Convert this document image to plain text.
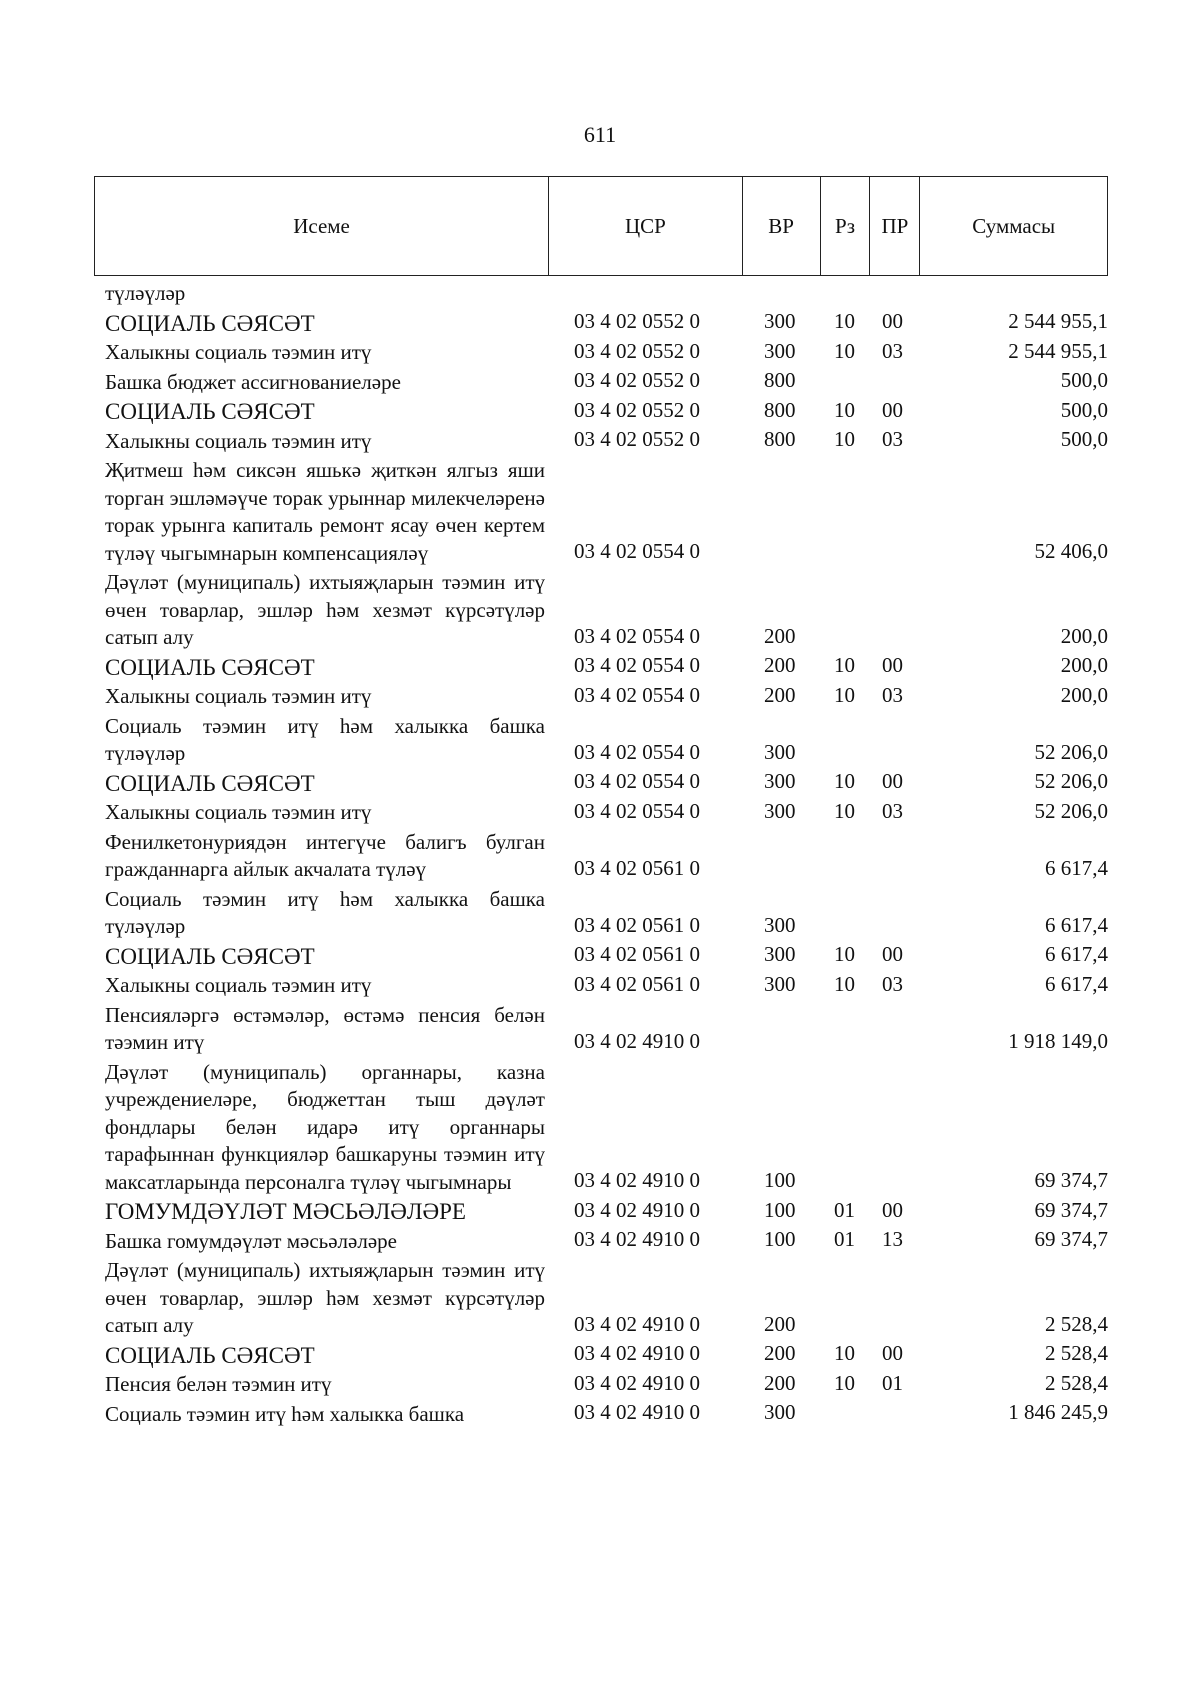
611
Исеме	ЦСР	ВР	Рз	ПР	Суммасы
түләүләр
СОЦИАЛЬ СӘЯСӘТ	03 4 02 0552 0	300 10 00	2 544 955,1
Халыкны социаль тәэмин итү	03 4 02 0552 0	300 10 03	2 544 955,1
Башка бюджет ассигнованиеләре	03 4 02 0552 0	800	500,0
СОЦИАЛЬ СӘЯСӘТ	03 4 02 0552 0	800 10 00	500,0
Халыкны социаль тәэмин итү	03 4 02 0552 0	800 10 03	500,0
Җитмеш һәм сиксән яшькә җиткән ялгыз яши торган эшләмәүче торак урыннар милекчеләренә торак урынга капиталь ремонт ясау өчен кертем түләү чыгымнарын компенсацияләү	03 4 02 0554 0	52 406,0
Дәүләт (муниципаль) ихтыяҗларын тәэмин итү өчен товарлар, эшләр һәм хезмәт күрсәтүләр сатып алу	03 4 02 0554 0	200	200,0
СОЦИАЛЬ СӘЯСӘТ	03 4 02 0554 0	200 10 00	200,0
Халыкны социаль тәэмин итү	03 4 02 0554 0	200 10 03	200,0
Социаль тәэмин итү һәм халыкка башка түләүләр	03 4 02 0554 0	300	52 206,0
СОЦИАЛЬ СӘЯСӘТ	03 4 02 0554 0	300 10 00	52 206,0
Халыкны социаль тәэмин итү	03 4 02 0554 0	300 10 03	52 206,0
Фенилкетонуриядән интегүче балигъ булган гражданнарга айлык акчалата түләү	03 4 02 0561 0	6 617,4
Социаль тәэмин итү һәм халыкка башка түләүләр	03 4 02 0561 0	300	6 617,4
СОЦИАЛЬ СӘЯСӘТ	03 4 02 0561 0	300 10 00	6 617,4
Халыкны социаль тәэмин итү	03 4 02 0561 0	300 10 03	6 617,4
Пенсияләргә өстәмәләр, өстәмә пенсия белән тәэмин итү	03 4 02 4910 0	1 918 149,0
Дәүләт (муниципаль) органнары, казна учреждениеләре, бюджеттан тыш дәүләт фондлары белән идарә итү органнары тарафыннан функцияләр башкаруны тәэмин итү максатларында персоналга түләү чыгымнары	03 4 02 4910 0	100	69 374,7
ГОМУМДӘҮЛӘТ МӘСЬӘЛӘЛӘРЕ	03 4 02 4910 0	100 01 00	69 374,7
Башка гомумдәүләт мәсьәләләре	03 4 02 4910 0	100 01 13	69 374,7
Дәүләт (муниципаль) ихтыяҗларын тәэмин итү өчен товарлар, эшләр һәм хезмәт күрсәтүләр сатып алу	03 4 02 4910 0	200	2 528,4
СОЦИАЛЬ СӘЯСӘТ	03 4 02 4910 0	200 10 00	2 528,4
Пенсия белән тәэмин итү	03 4 02 4910 0	200 10 01	2 528,4
Социаль тәэмин итү һәм халыкка башка	03 4 02 4910 0	300	1 846 245,9
